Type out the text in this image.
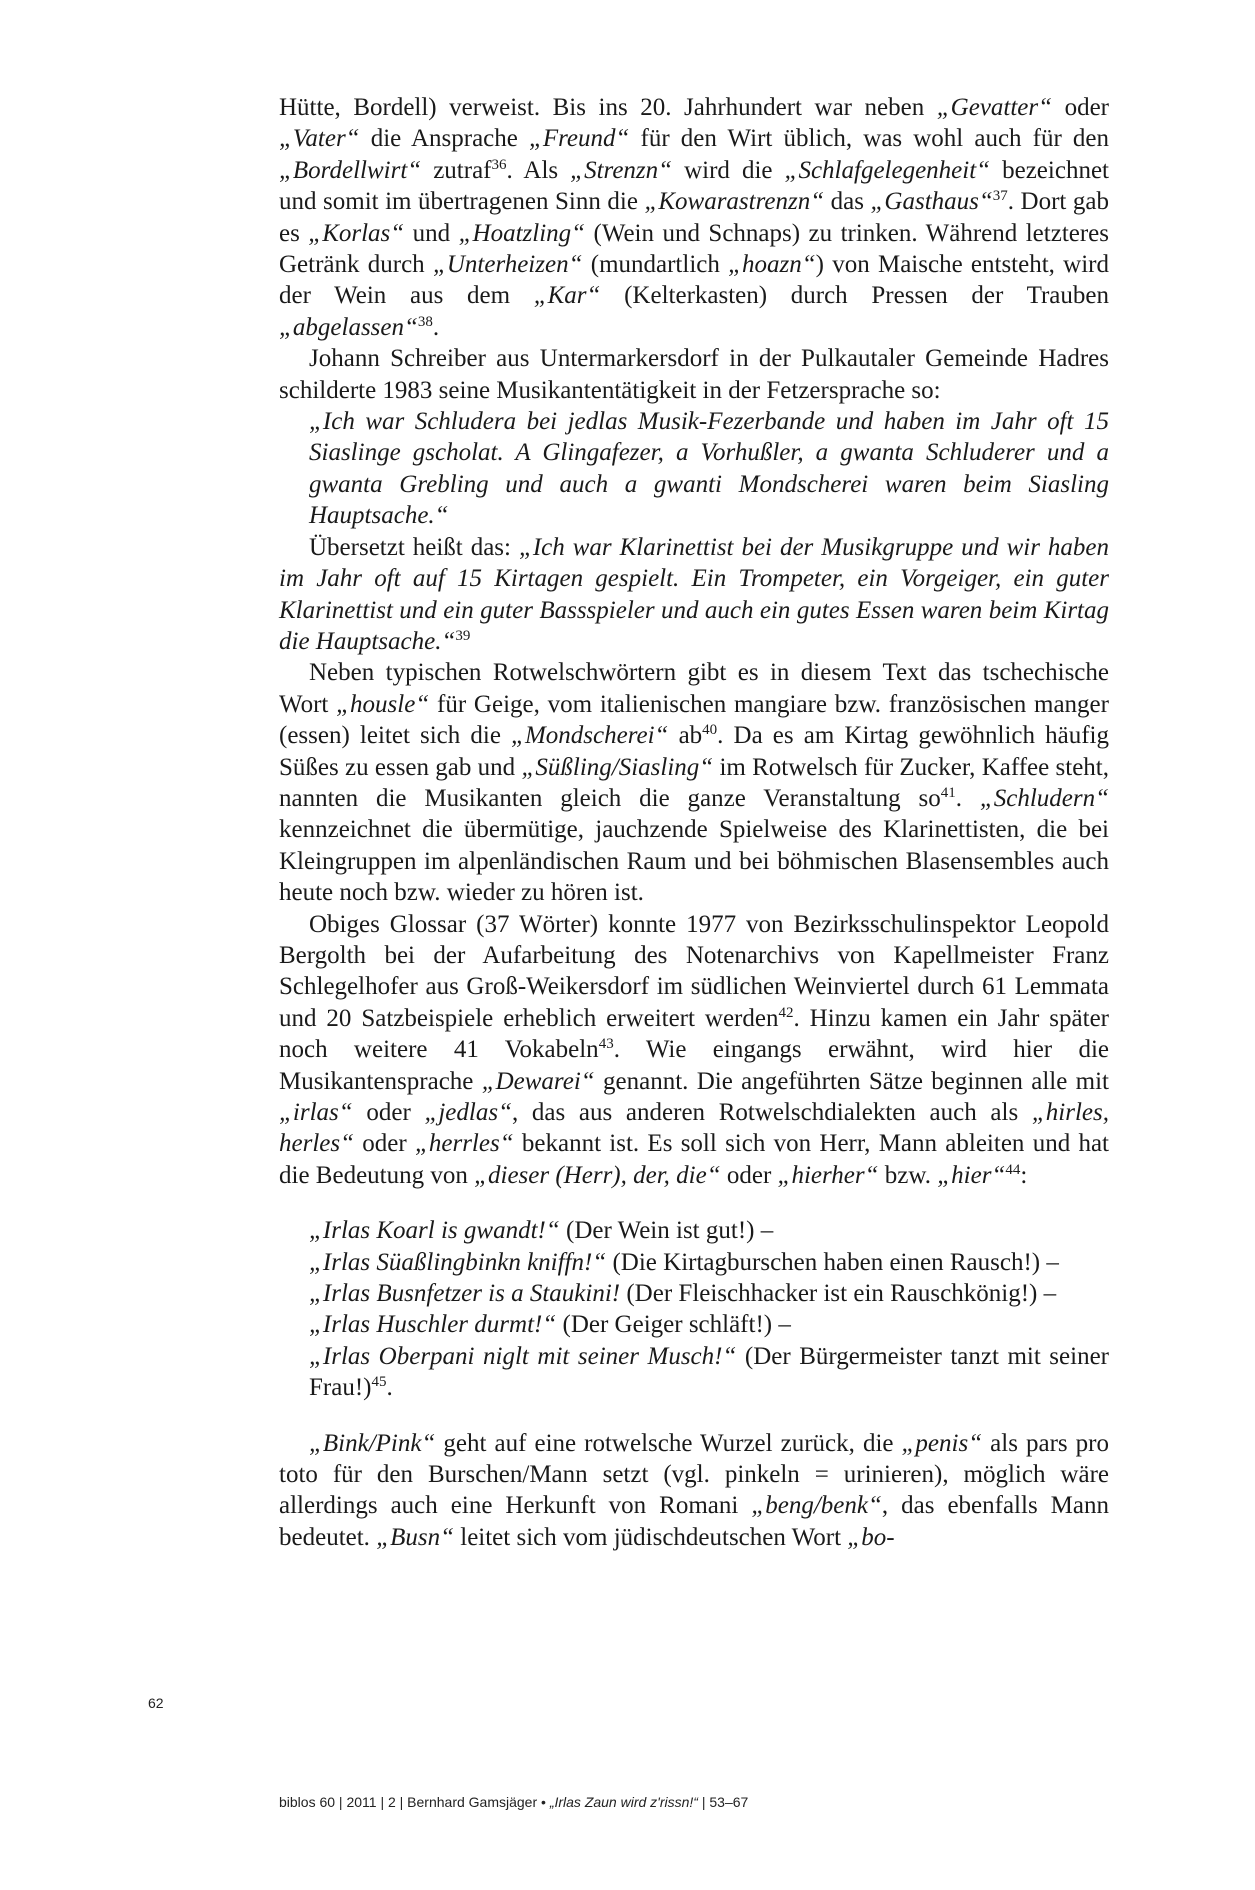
Hütte, Bordell) verweist. Bis ins 20. Jahrhundert war neben „Gevatter“ oder „Vater“ die Ansprache „Freund“ für den Wirt üblich, was wohl auch für den „Bordellwirt“ zutraf$^{36}$. Als „Strenzn“ wird die „Schlafgelegenheit“ bezeichnet und somit im übertragenen Sinn die „Kowarastrenzn“ das „Gasthaus“$^{37}$. Dort gab es „Korlas“ und „Hoatzling“ (Wein und Schnaps) zu trinken. Während letzteres Getränk durch „Unterheizen“ (mundartlich „hoazn“) von Maische entsteht, wird der Wein aus dem „Kar“ (Kelterkasten) durch Pressen der Trauben „abgelassen“$^{38}$.

Johann Schreiber aus Untermarkersdorf in der Pulkautaler Gemeinde Hadres schilderte 1983 seine Musikantentätigkeit in der Fetzersprache so:

„Ich war Schludera bei jedlas Musik-Fezerbande und haben im Jahr oft 15 Siaslinge gscholat. A Glingafezer, a Vorhußler, a gwanta Schluderer und a gwanta Grebling und auch a gwanti Mondscherei waren beim Siasling Hauptsache.“

Übersetzt heißt das: „Ich war Klarinettist bei der Musikgruppe und wir haben im Jahr oft auf 15 Kirtagen gespielt. Ein Trompeter, ein Vorgeiger, ein guter Klarinettist und ein guter Bassspieler und auch ein gutes Essen waren beim Kirtag die Hauptsache.“$^{39}$

Neben typischen Rotwelschwörtern gibt es in diesem Text das tschechische Wort „housle“ für Geige, vom italienischen mangiare bzw. französischen manger (essen) leitet sich die „Mondscherei“ $ab^{40}$. Da es am Kirtag gewöhnlich häufig Süßes zu essen gab und „Süßling/Siasling“ im Rotwelsch für Zucker, Kaffee steht, nannten die Musikanten gleich die ganze Veranstaltung $so^{41}$. „Schludern“ kennzeichnet die übermütige, jauchzende Spielweise des Klarinettisten, die bei Kleingruppen im alpenländischen Raum und bei böhmischen Blasensembles auch heute noch bzw. wieder zu hören ist.

Obiges Glossar (37 Wörter) konnte 1977 von Bezirksschulinspektor Leopold Bergolth bei der Aufarbeitung des Notenarchivs von Kapellmeister Franz Schlegelhofer aus Groß-Weikersdorf im südlichen Weinviertel durch 61 Lemmata und 20 Satzbeispiele erheblich erweitert werden$^{42}$. Hinzu kamen ein Jahr später noch weitere 41 Vokabeln$^{43}$. Wie eingangs erwähnt, wird hier die Musikantensprache „Dewarei“ genannt. Die angeführten Sätze beginnen alle mit „irlas“ oder „jedlas“, das aus anderen Rotwelschdialekten auch als „hirles, herles“ oder „herrles“ bekannt ist. Es soll sich von Herr, Mann ableiten und hat die Bedeutung von „dieser (Herr), der, die“ oder „hierher“ bzw. „hier“$^{44}$:

„Irlas Koarl is gwandt!“ (Der Wein ist gut!) –
„Irlas Süaßlingbinkn kniffn!“ (Die Kirtagburschen haben einen Rausch!) –
„Irlas Busnfetzer is a Staukini! (Der Fleischhacker ist ein Rauschkönig!) –
„Irlas Huschler durmt!“ (Der Geiger schläft!) –
„Irlas Oberpani niglt mit seiner Musch!“ (Der Bürgermeister tanzt mit seiner Frau!)$^{45}$.

„Bink/Pink“ geht auf eine rotwelsche Wurzel zurück, die „penis“ als pars pro toto für den Burschen/Mann setzt (vgl. pinkeln = urinieren), möglich wäre allerdings auch eine Herkunft von Romani „beng/benk“, das ebenfalls Mann bedeutet. „Busn“ leitet sich vom jüdischdeutschen Wort „bo-

62
biblos 60 | 2011 | 2 | Bernhard Gamsjäger • „Irlas Zaun wird z'rissn!“ | 53–67
